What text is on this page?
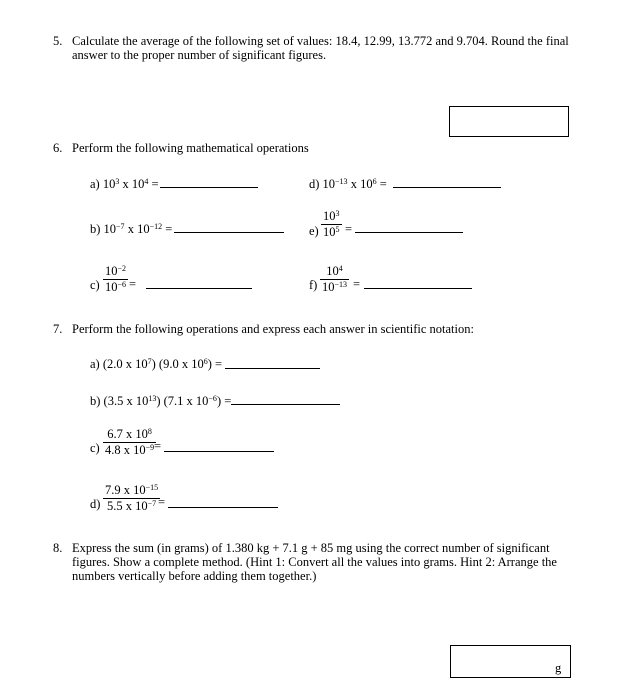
5. Calculate the average of the following set of values: 18.4, 12.99, 13.772 and 9.704. Round the final
answer to the proper number of significant figures.
6. Perform the following mathematical operations
a) $10^3$ x $10^4$ =	d) $10^{-13}$ x $10^6$ =
b) $10^{-7}$ x $10^{-12}$ =	$e) \frac{10^3}{10^5}$ =
$c) \frac{10^{-2}}{10^{-6}}$ =	$f) \frac{10^4}{10^{-13}}$ =
7. Perform the following operations and express each answer in scientific notation:
a) (2.0 x $10^7$) (9.0 x $10^6$) =
b) (3.5 x $10^{13}$) (7.1 x $10^{-6}$) =
$c) \frac{6.7 x 10^8}{4.8 x 10^{-9}}$
=
$d) \frac{7.9 x 10^{-15}}{5.5 x 10^{-7}}$
=
8. Express the sum (in grams) of 1.380 kg + 7.1 g + 85 mg using the correct number of significant
figures. Show a complete method. (Hint 1: Convert all the values into grams. Hint 2: Arrange the
numbers vertically before adding them together.)
g
